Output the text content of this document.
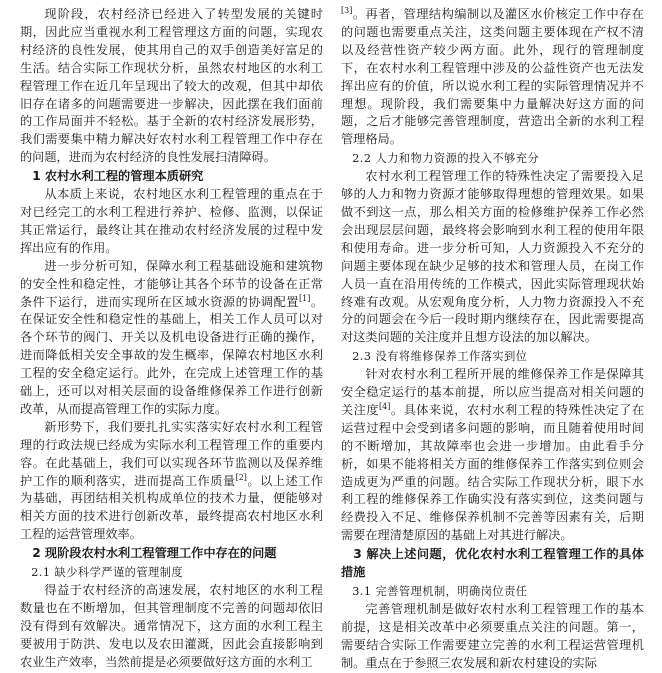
现阶段，农村经济已经进入了转型发展的关键时期，因此应当重视水利工程管理这方面的问题，实现农村经济的良性发展，使其用自己的双手创造美好富足的生活。结合实际工作现状分析，虽然农村地区的水利工程管理工作在近几年呈现出了较大的改观，但其中却依旧存在诸多的问题需要进一步解决，因此摆在我们面前的工作局面并不轻松。基于全新的农村经济发展形势，我们需要集中精力解决好农村水利工程管理工作中存在的问题，进而为农村经济的良性发展扫清障碍。

1 农村水利工程的管理本质研究

从本质上来说，农村地区水利工程管理的重点在于对已经完工的水利工程进行养护、检修、监测，以保证其正常运行，最终让其在推动农村经济发展的过程中发挥出应有的作用。

进一步分析可知，保障水利工程基础设施和建筑物的安全性和稳定性，才能够让其各个环节的设备在正常条件下运行，进而实现所在区域水资源的协调配置[1]。在保证安全性和稳定性的基础上，相关工作人员可以对各个环节的阀门、开关以及机电设备进行正确的操作，进而降低相关安全事故的发生概率，保障农村地区水利工程的安全稳定运行。此外，在完成上述管理工作的基础上，还可以对相关层面的设备维修保养工作进行创新改革，从而提高管理工作的实际力度。

新形势下，我们要扎扎实实落实好农村水利工程管理的行政法规已经成为实际水利工程管理工作的重要内容。在此基础上，我们可以实现各环节监测以及保养维护工作的顺利落实，进而提高工作质量[2]。以上述工作为基础，再团结相关机构成单位的技术力量，便能够对相关方面的技术进行创新改革，最终提高农村地区水利工程的运营管理效率。

2 现阶段农村水利工程管理工作中存在的问题
2.1 缺少科学严谨的管理制度

得益于农村经济的高速发展，农村地区的水利工程数量也在不断增加，但其管理制度不完善的问题却依旧没有得到有效解决。通常情况下，这方面的水利工程主要被用于防洪、发电以及农田灌溉，因此会直接影响到农业生产效率，当然前提是必须要做好这方面的水利工

[3]。再者，管理结构编制以及灌区水价核定工作中存在的问题也需要重点关注，这类问题主要体现在产权不清以及经营性资产较少两方面。此外，现行的管理制度下，在农村水利工程管理中涉及的公益性资产也无法发挥出应有的价值，所以说水利工程的实际管理情况并不理想。现阶段，我们需要集中力量解决好这方面的问题，之后才能够完善管理制度，营造出全新的水利工程管理格局。

2.2 人力和物力资源的投入不够充分

农村水利工程管理工作的特殊性决定了需要投入足够的人力和物力资源才能够取得理想的管理效果。如果做不到这一点，那么相关方面的检修维护保养工作必然会出现层层问题，最终将会影响到水利工程的使用年限和使用寿命。进一步分析可知，人力资源投入不充分的问题主要体现在缺少足够的技术和管理人员，在岗工作人员一直在沿用传统的工作模式，因此实际管理现状始终难有改观。从宏观角度分析，人力物力资源投入不充分的问题会在今后一段时期内继续存在，因此需要提高对这类问题的关注度并且想方设法的加以解决。

2.3 没有将维修保养工作落实到位

针对农村水利工程所开展的维修保养工作是保障其安全稳定运行的基本前提，所以应当提高对相关问题的关注度[4]。具体来说，农村水利工程的特殊性决定了在运营过程中会受到诸多问题的影响，而且随着使用时间的不断增加，其故障率也会进一步增加。由此看手分析，如果不能将相关方面的维修保养工作落实到位则会造成更为严重的问题。结合实际工作现状分析，眼下水利工程的维修保养工作确实没有落实到位，这类问题与经费投入不足、维修保养机制不完善等因素有关，后期需要在理清楚原因的基础上对其进行解决。

3 解决上述问题，优化农村水利工程管理工作的具体措施
3.1 完善管理机制，明确岗位责任

完善管理机制是做好农村水利工程管理工作的基本前提，这是相关改革中必须要重点关注的问题。第一，需要结合实际工作需要建立完善的水利工程运营管理机制。重点在于参照三农发展和新农村建设的实际
